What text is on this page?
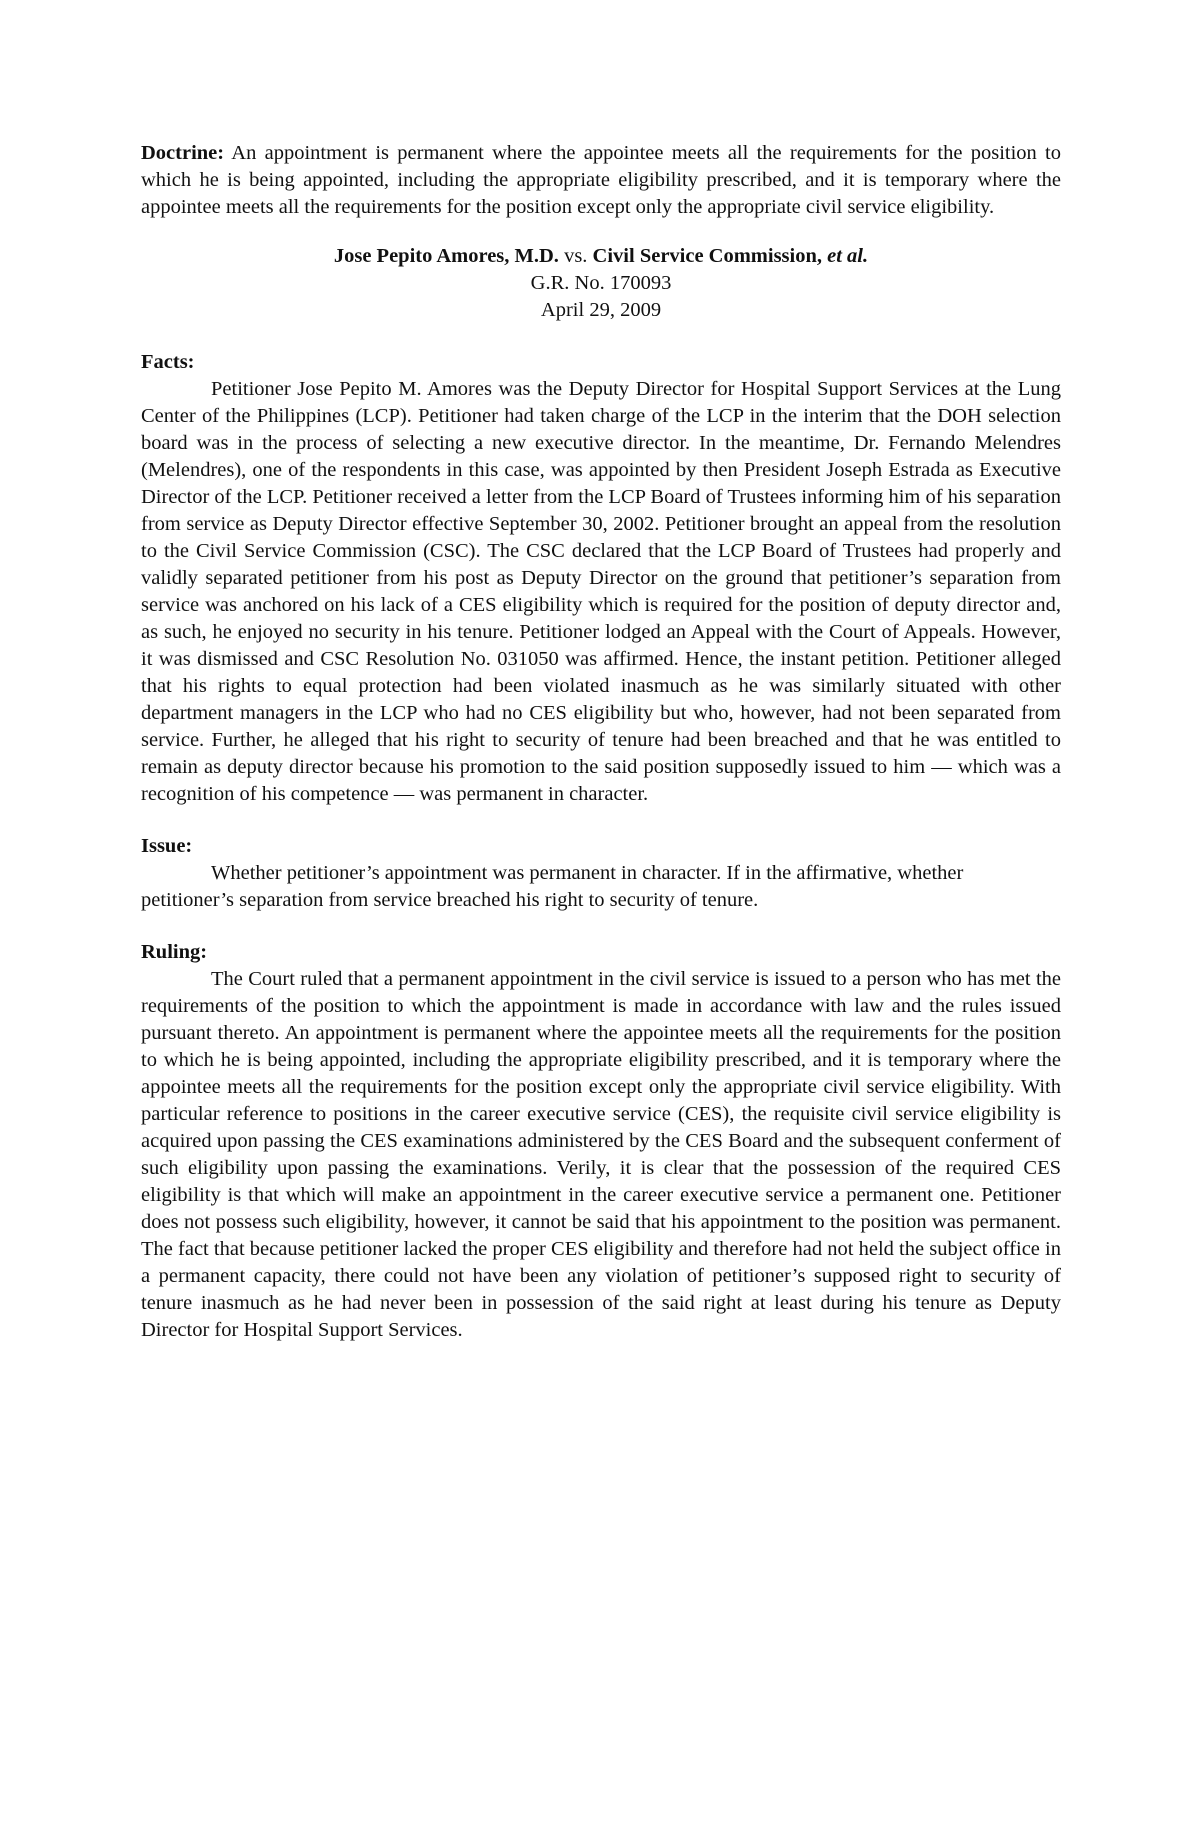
Doctrine: An appointment is permanent where the appointee meets all the requirements for the position to which he is being appointed, including the appropriate eligibility prescribed, and it is temporary where the appointee meets all the requirements for the position except only the appropriate civil service eligibility.
Jose Pepito Amores, M.D. vs. Civil Service Commission, et al.
G.R. No. 170093
April 29, 2009
Facts:

Petitioner Jose Pepito M. Amores was the Deputy Director for Hospital Support Services at the Lung Center of the Philippines (LCP). Petitioner had taken charge of the LCP in the interim that the DOH selection board was in the process of selecting a new executive director. In the meantime, Dr. Fernando Melendres (Melendres), one of the respondents in this case, was appointed by then President Joseph Estrada as Executive Director of the LCP. Petitioner received a letter from the LCP Board of Trustees informing him of his separation from service as Deputy Director effective September 30, 2002. Petitioner brought an appeal from the resolution to the Civil Service Commission (CSC). The CSC declared that the LCP Board of Trustees had properly and validly separated petitioner from his post as Deputy Director on the ground that petitioner’s separation from service was anchored on his lack of a CES eligibility which is required for the position of deputy director and, as such, he enjoyed no security in his tenure. Petitioner lodged an Appeal with the Court of Appeals. However, it was dismissed and CSC Resolution No. 031050 was affirmed. Hence, the instant petition. Petitioner alleged that his rights to equal protection had been violated inasmuch as he was similarly situated with other department managers in the LCP who had no CES eligibility but who, however, had not been separated from service. Further, he alleged that his right to security of tenure had been breached and that he was entitled to remain as deputy director because his promotion to the said position supposedly issued to him — which was a recognition of his competence — was permanent in character.

Issue:

Whether petitioner’s appointment was permanent in character. If in the affirmative, whether petitioner’s separation from service breached his right to security of tenure.

Ruling:

The Court ruled that a permanent appointment in the civil service is issued to a person who has met the requirements of the position to which the appointment is made in accordance with law and the rules issued pursuant thereto. An appointment is permanent where the appointee meets all the requirements for the position to which he is being appointed, including the appropriate eligibility prescribed, and it is temporary where the appointee meets all the requirements for the position except only the appropriate civil service eligibility. With particular reference to positions in the career executive service (CES), the requisite civil service eligibility is acquired upon passing the CES examinations administered by the CES Board and the subsequent conferment of such eligibility upon passing the examinations. Verily, it is clear that the possession of the required CES eligibility is that which will make an appointment in the career executive service a permanent one. Petitioner does not possess such eligibility, however, it cannot be said that his appointment to the position was permanent. The fact that because petitioner lacked the proper CES eligibility and therefore had not held the subject office in a permanent capacity, there could not have been any violation of petitioner’s supposed right to security of tenure inasmuch as he had never been in possession of the said right at least during his tenure as Deputy Director for Hospital Support Services.
